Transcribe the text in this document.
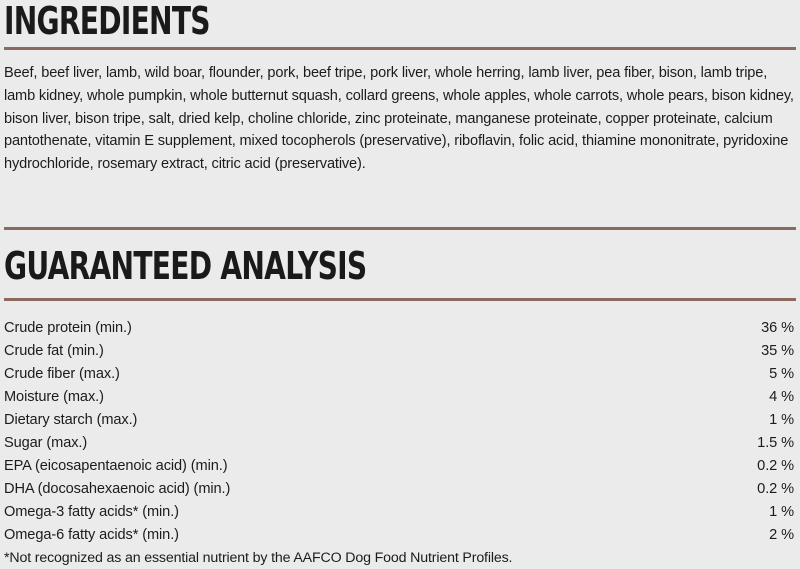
INGREDIENTS

Beef, beef liver, lamb, wild boar, flounder, pork, beef tripe, pork liver, whole herring, lamb liver, pea fiber, bison, lamb tripe, lamb kidney, whole pumpkin, whole butternut squash, collard greens, whole apples, whole carrots, whole pears, bison kidney, bison liver, bison tripe, salt, dried kelp, choline chloride, zinc proteinate, manganese proteinate, copper proteinate, calcium pantothenate, vitamin E supplement, mixed tocopherols (preservative), riboflavin, folic acid, thiamine mononitrate, pyridoxine hydrochloride, rosemary extract, citric acid (preservative).

GUARANTEED ANALYSIS
Crude protein (min.)	36 %
Crude fat (min.)	35 %
Crude fiber (max.)	5 %
Moisture (max.)	4 %
Dietary starch (max.)	1 %
Sugar (max.)	1.5 %
EPA (eicosapentaenoic acid) (min.)	0.2 %
DHA (docosahexaenoic acid) (min.)	0.2 %
Omega-3 fatty acids* (min.)	1 %
Omega-6 fatty acids* (min.)	2 %

*Not recognized as an essential nutrient by the AAFCO Dog Food Nutrient Profiles.
